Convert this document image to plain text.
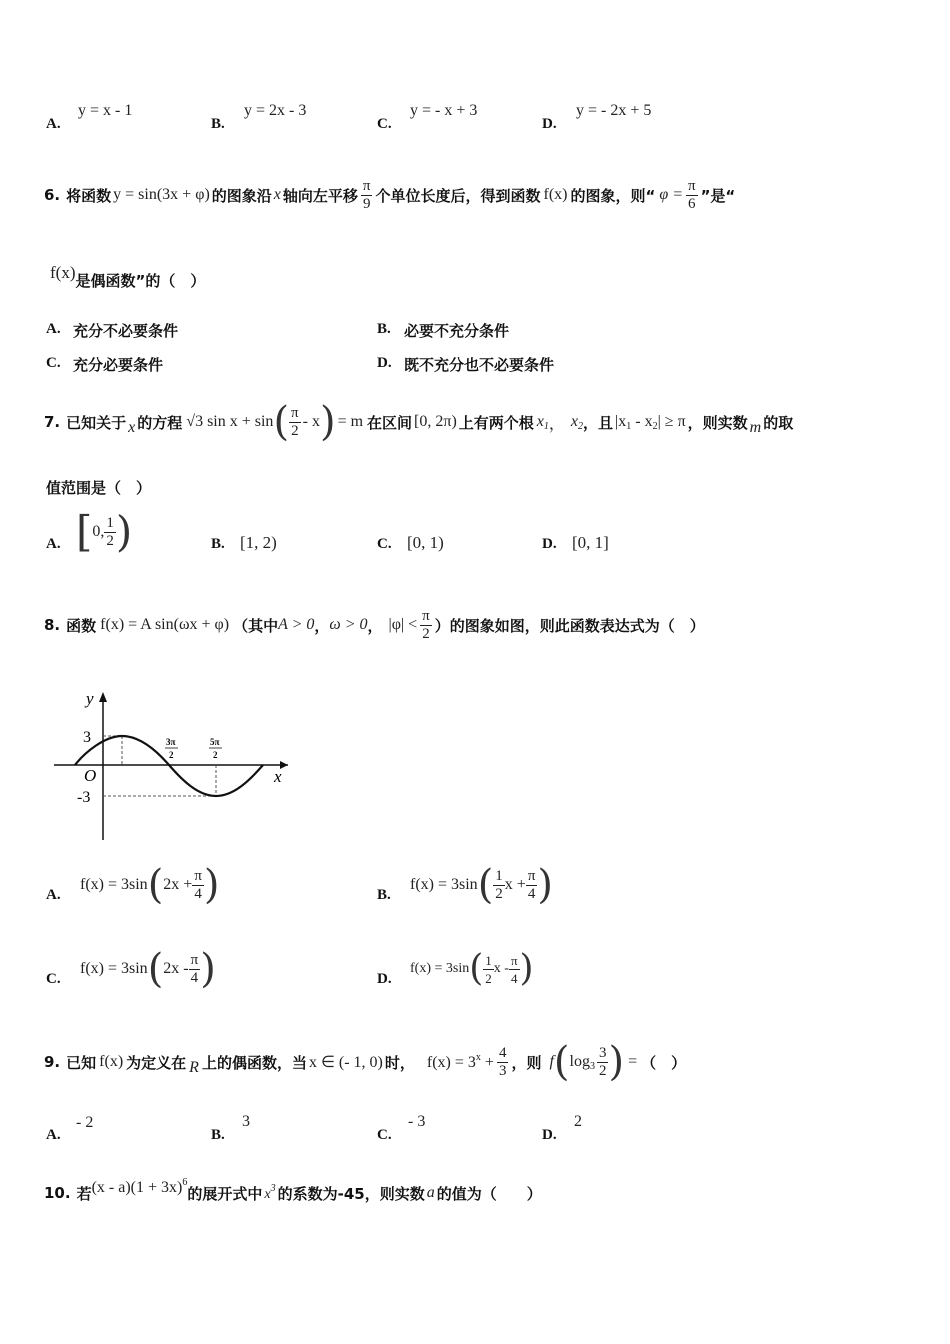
A.
y = x - 1
B.
y = 2x - 3
C.
y = - x + 3
D.
y = - 2x + 5
6. 将函数 y = sin(3x + φ) 的图象沿 x 轴向左平移 $\frac{\pi}{9}$ 个单位长度后，得到函数 f(x) 的图象，则“ $\varphi = \frac{\pi}{6}$ ”是“
f(x) 是偶函数”的（　）
A. 充分不必要条件	B. 必要不充分条件
C. 充分必要条件	D. 既不充分也不必要条件
7. 已知关于 x 的方程 √3 sin x + sin ( $\frac{\pi}{2}$ - x ) = m 在区间 [0, 2π) 上有两个根 $x_1$ ， $x_2$ ，且 $|x_1 - x_2| \ge \pi$ ，则实数 m 的取
值范围是（　）
A. [ 0, $\frac{1}{2}$ )	B. [1, 2)	C. [0, 1)	D. [0, 1]
8. 函数 f(x) = A sin(ωx + φ) （其中 A > 0 ， ω > 0 ， $|\varphi| < \frac{\pi}{2}$ ）的图象如图，则此函数表达式为（　）
y
x
O
3
-3
3π
2
5π
2
A.
f(x) = 3sin ( $2x + \frac{\pi}{4}$ )	B.
f(x) = 3sin ( $\frac{1}{2}$ $x + \frac{\pi}{4}$ )
C.
f(x) = 3sin ( $2x - \frac{\pi}{4}$ )	D.
f(x) = 3sin ( $\frac{1}{2}$ x - $\frac{\pi}{4}$ )
9. 已知 f(x) 为定义在 R 上的偶函数，当 x ∈ (- 1, 0) 时， $f(x) = 3^x + \frac{4}{3}$ ，则 f ( $\log_3 \frac{3}{2}$ ) = （　）
A.
- 2
B.
3
C.
- 3
D.
2
10. 若 $(x - a)(1 + 3x)^6$
的展开式中 $x^3$ 的系数为-45，则实数 a 的值为（　　）
